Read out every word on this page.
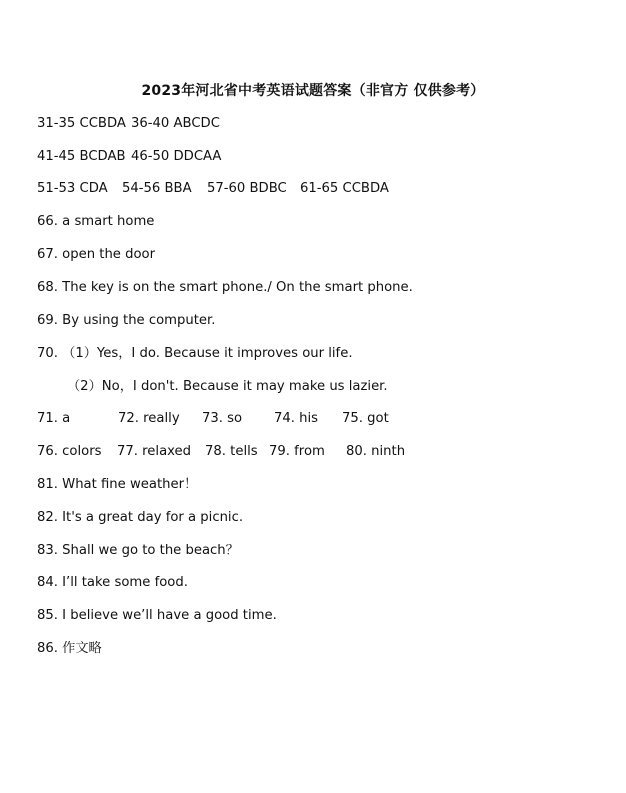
2023年河北省中考英语试题答案（非官方 仅供参考）
31-35 CCBDA 36-40 ABCDC
41-45 BCDAB 46-50 DDCAA
51-53 CDA 54-56 BBA 57-60 BDBC 61-65 CCBDA
66. a smart home
67. open the door
68. The key is on the smart phone./ On the smart phone.
69. By using the computer.
70. （1）Yes，I do. Because it improves our life.
（2）No，I don't. Because it may make us lazier.
71. a	72. really 73. so 74. his 75. got
76. colors 77. relaxed 78. tells 79. from 80. ninth
81. What fine weather！
82. It's a great day for a picnic.
83. Shall we go to the beach？
84. I’ll take some food.
85. I believe we’ll have a good time.
86. 作文略
